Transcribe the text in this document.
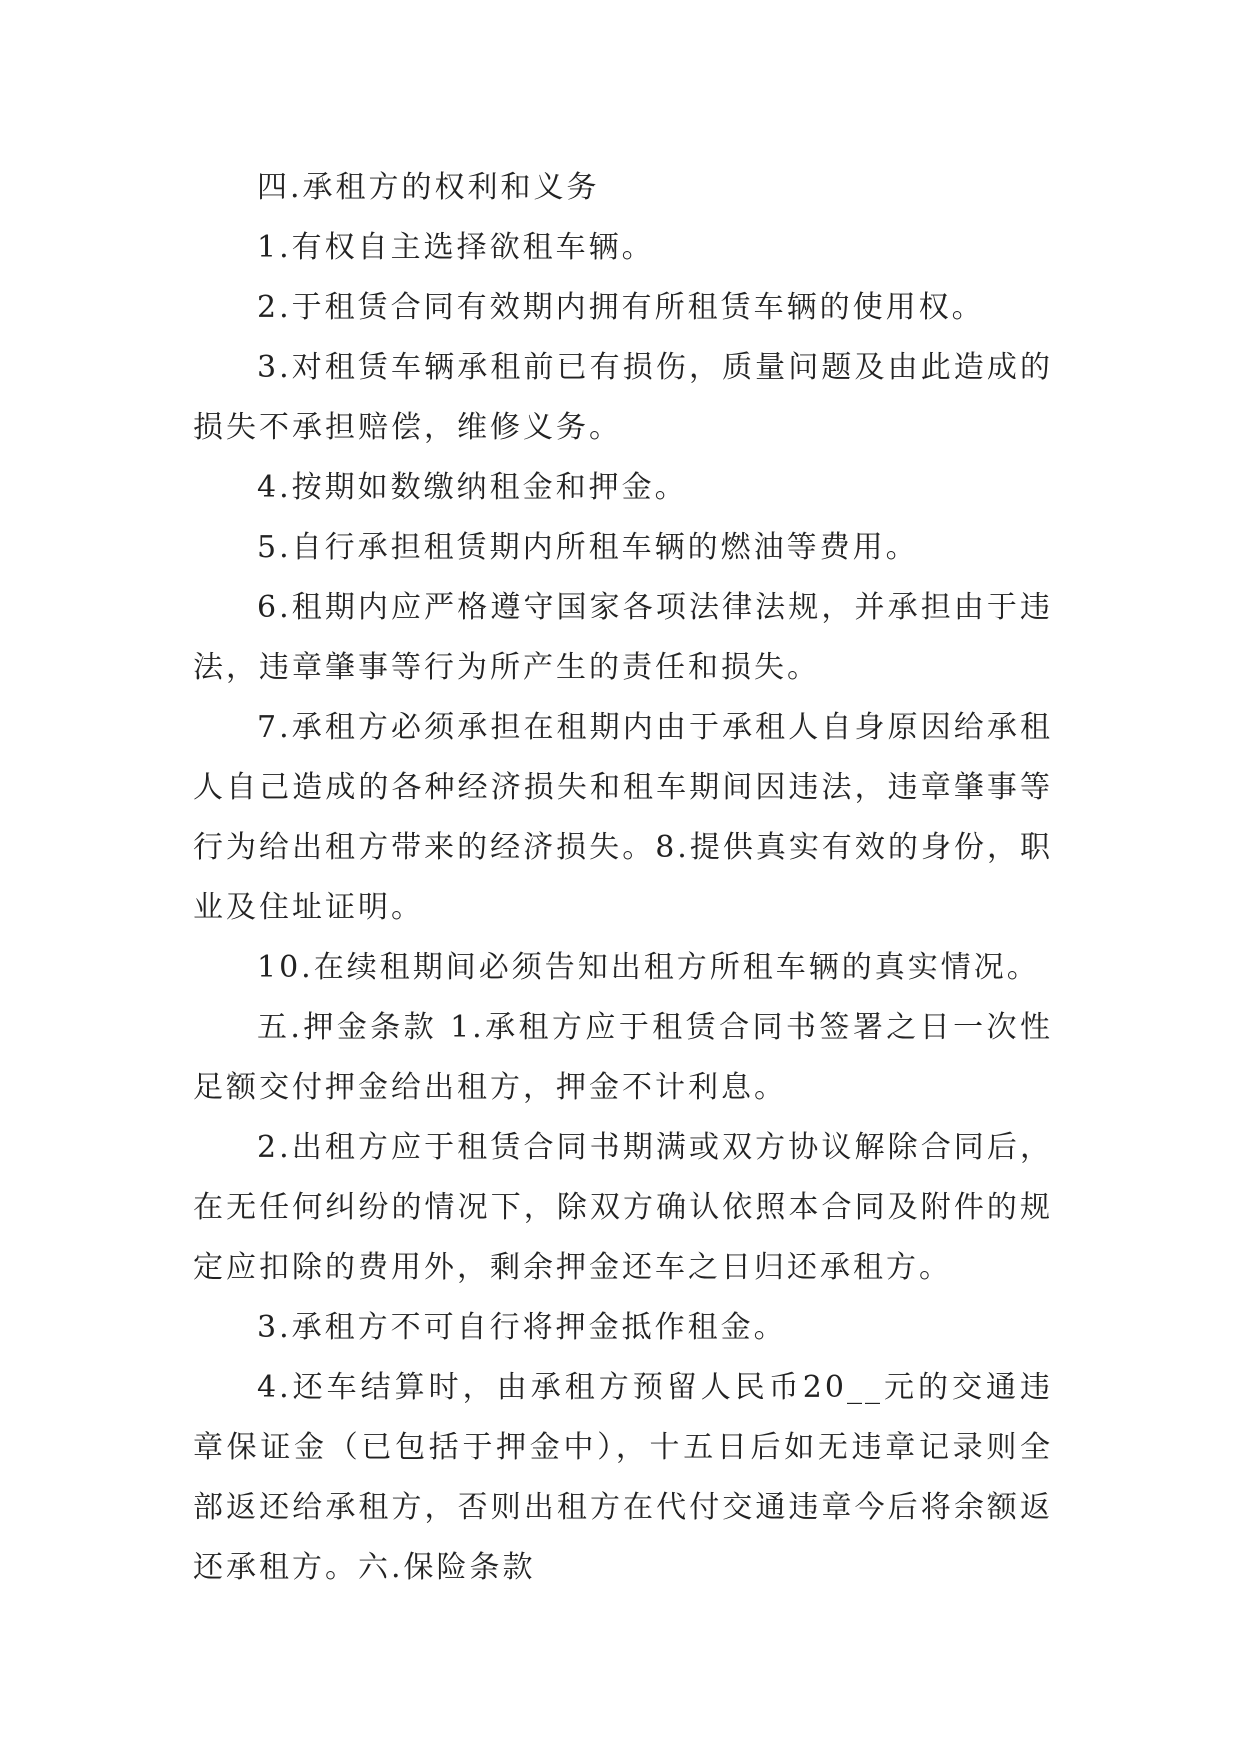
四.承租方的权利和义务

1.有权自主选择欲租车辆。

2.于租赁合同有效期内拥有所租赁车辆的使用权。

3.对租赁车辆承租前已有损伤，质量问题及由此造成的损失不承担赔偿，维修义务。

4.按期如数缴纳租金和押金。

5.自行承担租赁期内所租车辆的燃油等费用。

6.租期内应严格遵守国家各项法律法规，并承担由于违法，违章肇事等行为所产生的责任和损失。

7.承租方必须承担在租期内由于承租人自身原因给承租人自己造成的各种经济损失和租车期间因违法，违章肇事等行为给出租方带来的经济损失。8.提供真实有效的身份，职业及住址证明。

10.在续租期间必须告知出租方所租车辆的真实情况。

五.押金条款 1.承租方应于租赁合同书签署之日一次性足额交付押金给出租方，押金不计利息。

2.出租方应于租赁合同书期满或双方协议解除合同后，在无任何纠纷的情况下，除双方确认依照本合同及附件的规定应扣除的费用外，剩余押金还车之日归还承租方。

3.承租方不可自行将押金抵作租金。

4.还车结算时，由承租方预留人民币20__元的交通违章保证金（已包括于押金中），十五日后如无违章记录则全部返还给承租方，否则出租方在代付交通违章今后将余额返还承租方。六.保险条款
